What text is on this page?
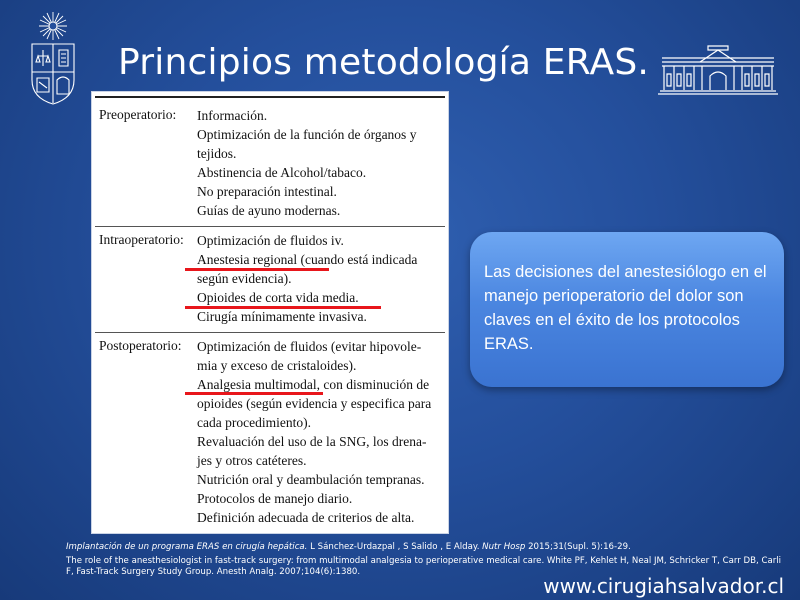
Principios metodología ERAS.
Preoperatorio: Información.
Optimización de la función de órganos y
tejidos.
Abstinencia de Alcohol/tabaco.
No preparación intestinal.
Guías de ayuno modernas.
Intraoperatorio: Optimización de fluidos iv.
Anestesia regional (cuando está indicada
según evidencia).
Opioides de corta vida media.
Cirugía mínimamente invasiva.
Postoperatorio: Optimización de fluidos (evitar hipovole-
mia y exceso de cristaloides).
Analgesia multimodal, con disminución de
opioides (según evidencia y especifica para
cada procedimiento).
Revaluación del uso de la SNG, los drena-
jes y otros catéteres.
Nutrición oral y deambulación tempranas.
Protocolos de manejo diario.
Definición adecuada de criterios de alta.
Las decisiones del anestesiólogo en el manejo perioperatorio del dolor son claves en el éxito de los protocolos ERAS.
Implantación de un programa ERAS en cirugía hepática. L Sánchez-Urdazpal , S Salido , E Alday. Nutr Hosp 2015;31(Supl. 5):16-29.
The role of the anesthesiologist in fast-track surgery: from multimodal analgesia to perioperative medical care. White PF, Kehlet H, Neal JM, Schricker T, Carr DB, Carli F, Fast-Track Surgery Study Group. Anesth Analg. 2007;104(6):1380.
www.cirugiahsalvador.cl
